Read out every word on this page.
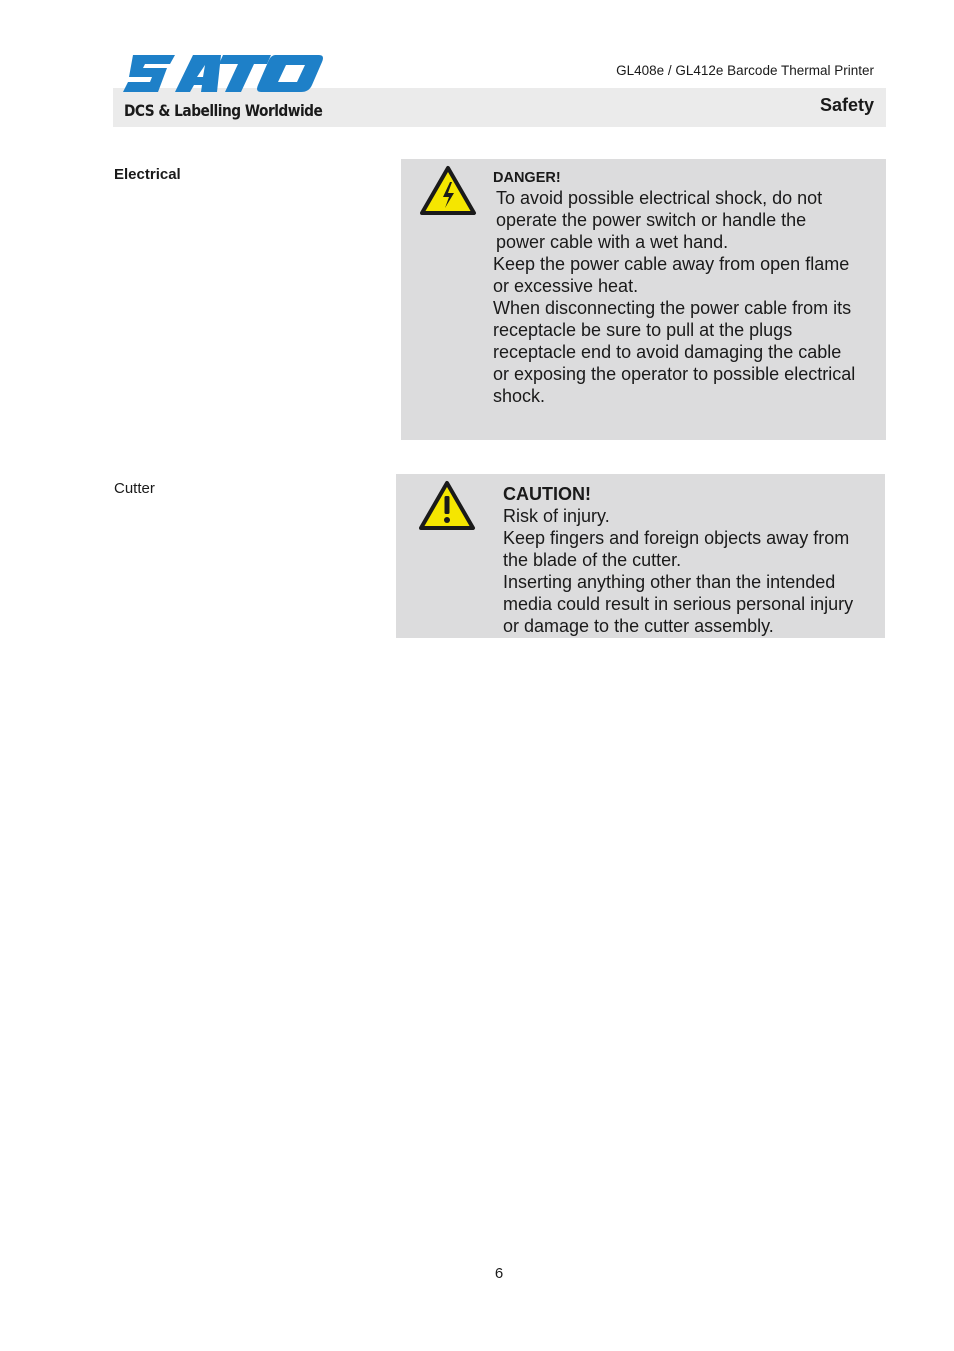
DCS & Labelling Worldwide
GL408e / GL412e Barcode Thermal Printer
Safety
Electrical	DANGER!

To avoid possible electrical shock, do not

operate the power switch or handle the

power cable with a wet hand.

Keep the power cable away from open flame

or excessive heat.

When disconnecting the power cable from its

receptacle be sure to pull at the plugs

receptacle end to avoid damaging the cable

or exposing the operator to possible electrical

shock.

Cutter	CAUTION!

Risk of injury.

Keep fingers and foreign objects away from

the blade of the cutter.

Inserting anything other than the intended

media could result in serious personal injury

or damage to the cutter assembly.

6
